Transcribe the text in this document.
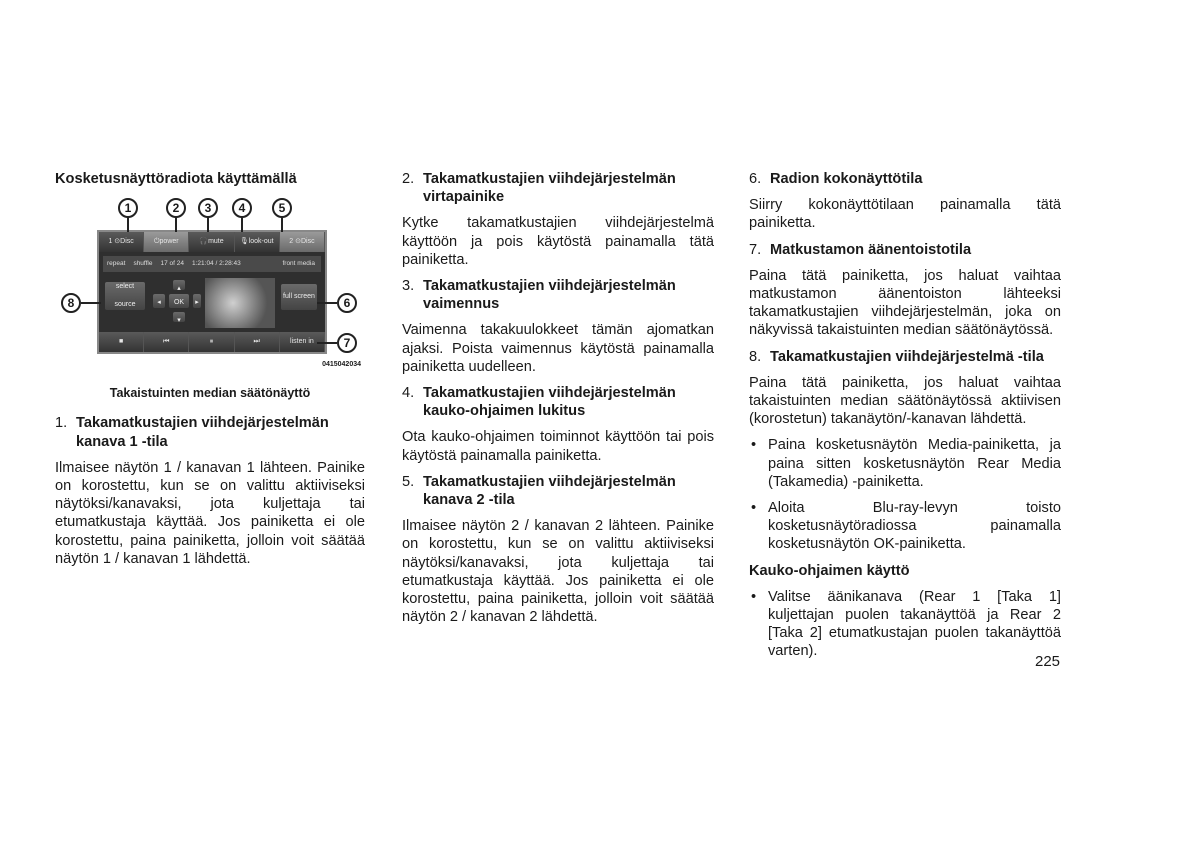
Kosketusnäyttöradiota käyttämällä
1 ⊙Disc	⏻power	🎧mute	🎙look-out	2 ⊙Disc
repeat shuffle 17 of 24 1:21:04 / 2:28:43	front media
select source	OK
▴
▾
◂	▸
full screen
■	⏮	⏸	⏭	listen in
1	2	3	4	5
6
7
8
0415042034
Takaistuinten median säätönäyttö
1. Takamatkustajien viihdejärjestelmän kanava 1 -tila

Ilmaisee näytön 1 / kanavan 1 lähteen. Painike on korostettu, kun se on valittu aktiiviseksi näytöksi/kanavaksi, jota kuljettaja tai etumatkustaja käyttää. Jos painiketta ei ole korostettu, paina painiketta, jolloin voit säätää näytön 1 / kanavan 1 lähdettä.

2. Takamatkustajien viihdejärjestelmän virtapainike

Kytke takamatkustajien viihdejärjestelmä käyttöön ja pois käytöstä painamalla tätä painiketta.

3. Takamatkustajien viihdejärjestelmän vaimennus

Vaimenna takakuulokkeet tämän ajomatkan ajaksi. Poista vaimennus käytöstä painamalla painiketta uudelleen.

4. Takamatkustajien viihdejärjestelmän kauko-ohjaimen lukitus

Ota kauko-ohjaimen toiminnot käyttöön tai pois käytöstä painamalla painiketta.

5. Takamatkustajien viihdejärjestelmän kanava 2 -tila

Ilmaisee näytön 2 / kanavan 2 lähteen. Painike on korostettu, kun se on valittu aktiiviseksi näytöksi/kanavaksi, jota kuljettaja tai etumatkustaja käyttää. Jos painiketta ei ole korostettu, paina painiketta, jolloin voit säätää näytön 2 / kanavan 2 lähdettä.

6. Radion kokonäyttötila

Siirry kokonäyttötilaan painamalla tätä painiketta.

7. Matkustamon äänentoistotila

Paina tätä painiketta, jos haluat vaihtaa matkustamon äänentoiston lähteeksi takamatkustajien viihdejärjestelmän, joka on näkyvissä takaistuinten median säätönäytössä.

8. Takamatkustajien viihdejärjestelmä -tila

Paina tätä painiketta, jos haluat vaihtaa takaistuinten median säätönäytössä aktiivisen (korostetun) takanäytön/-kanavan lähdettä.

• Paina kosketusnäytön Media-painiketta, ja paina sitten kosketusnäytön Rear Media (Takamedia) -painiketta.
• Aloita Blu-ray-levyn toisto kosketusnäytöradiossa painamalla kosketusnäytön OK-painiketta.
Kauko-ohjaimen käyttö
• Valitse äänikanava (Rear 1 [Taka 1] kuljettajan puolen takanäyttöä ja Rear 2 [Taka 2] etumatkustajan puolen takanäyttöä varten).
225
